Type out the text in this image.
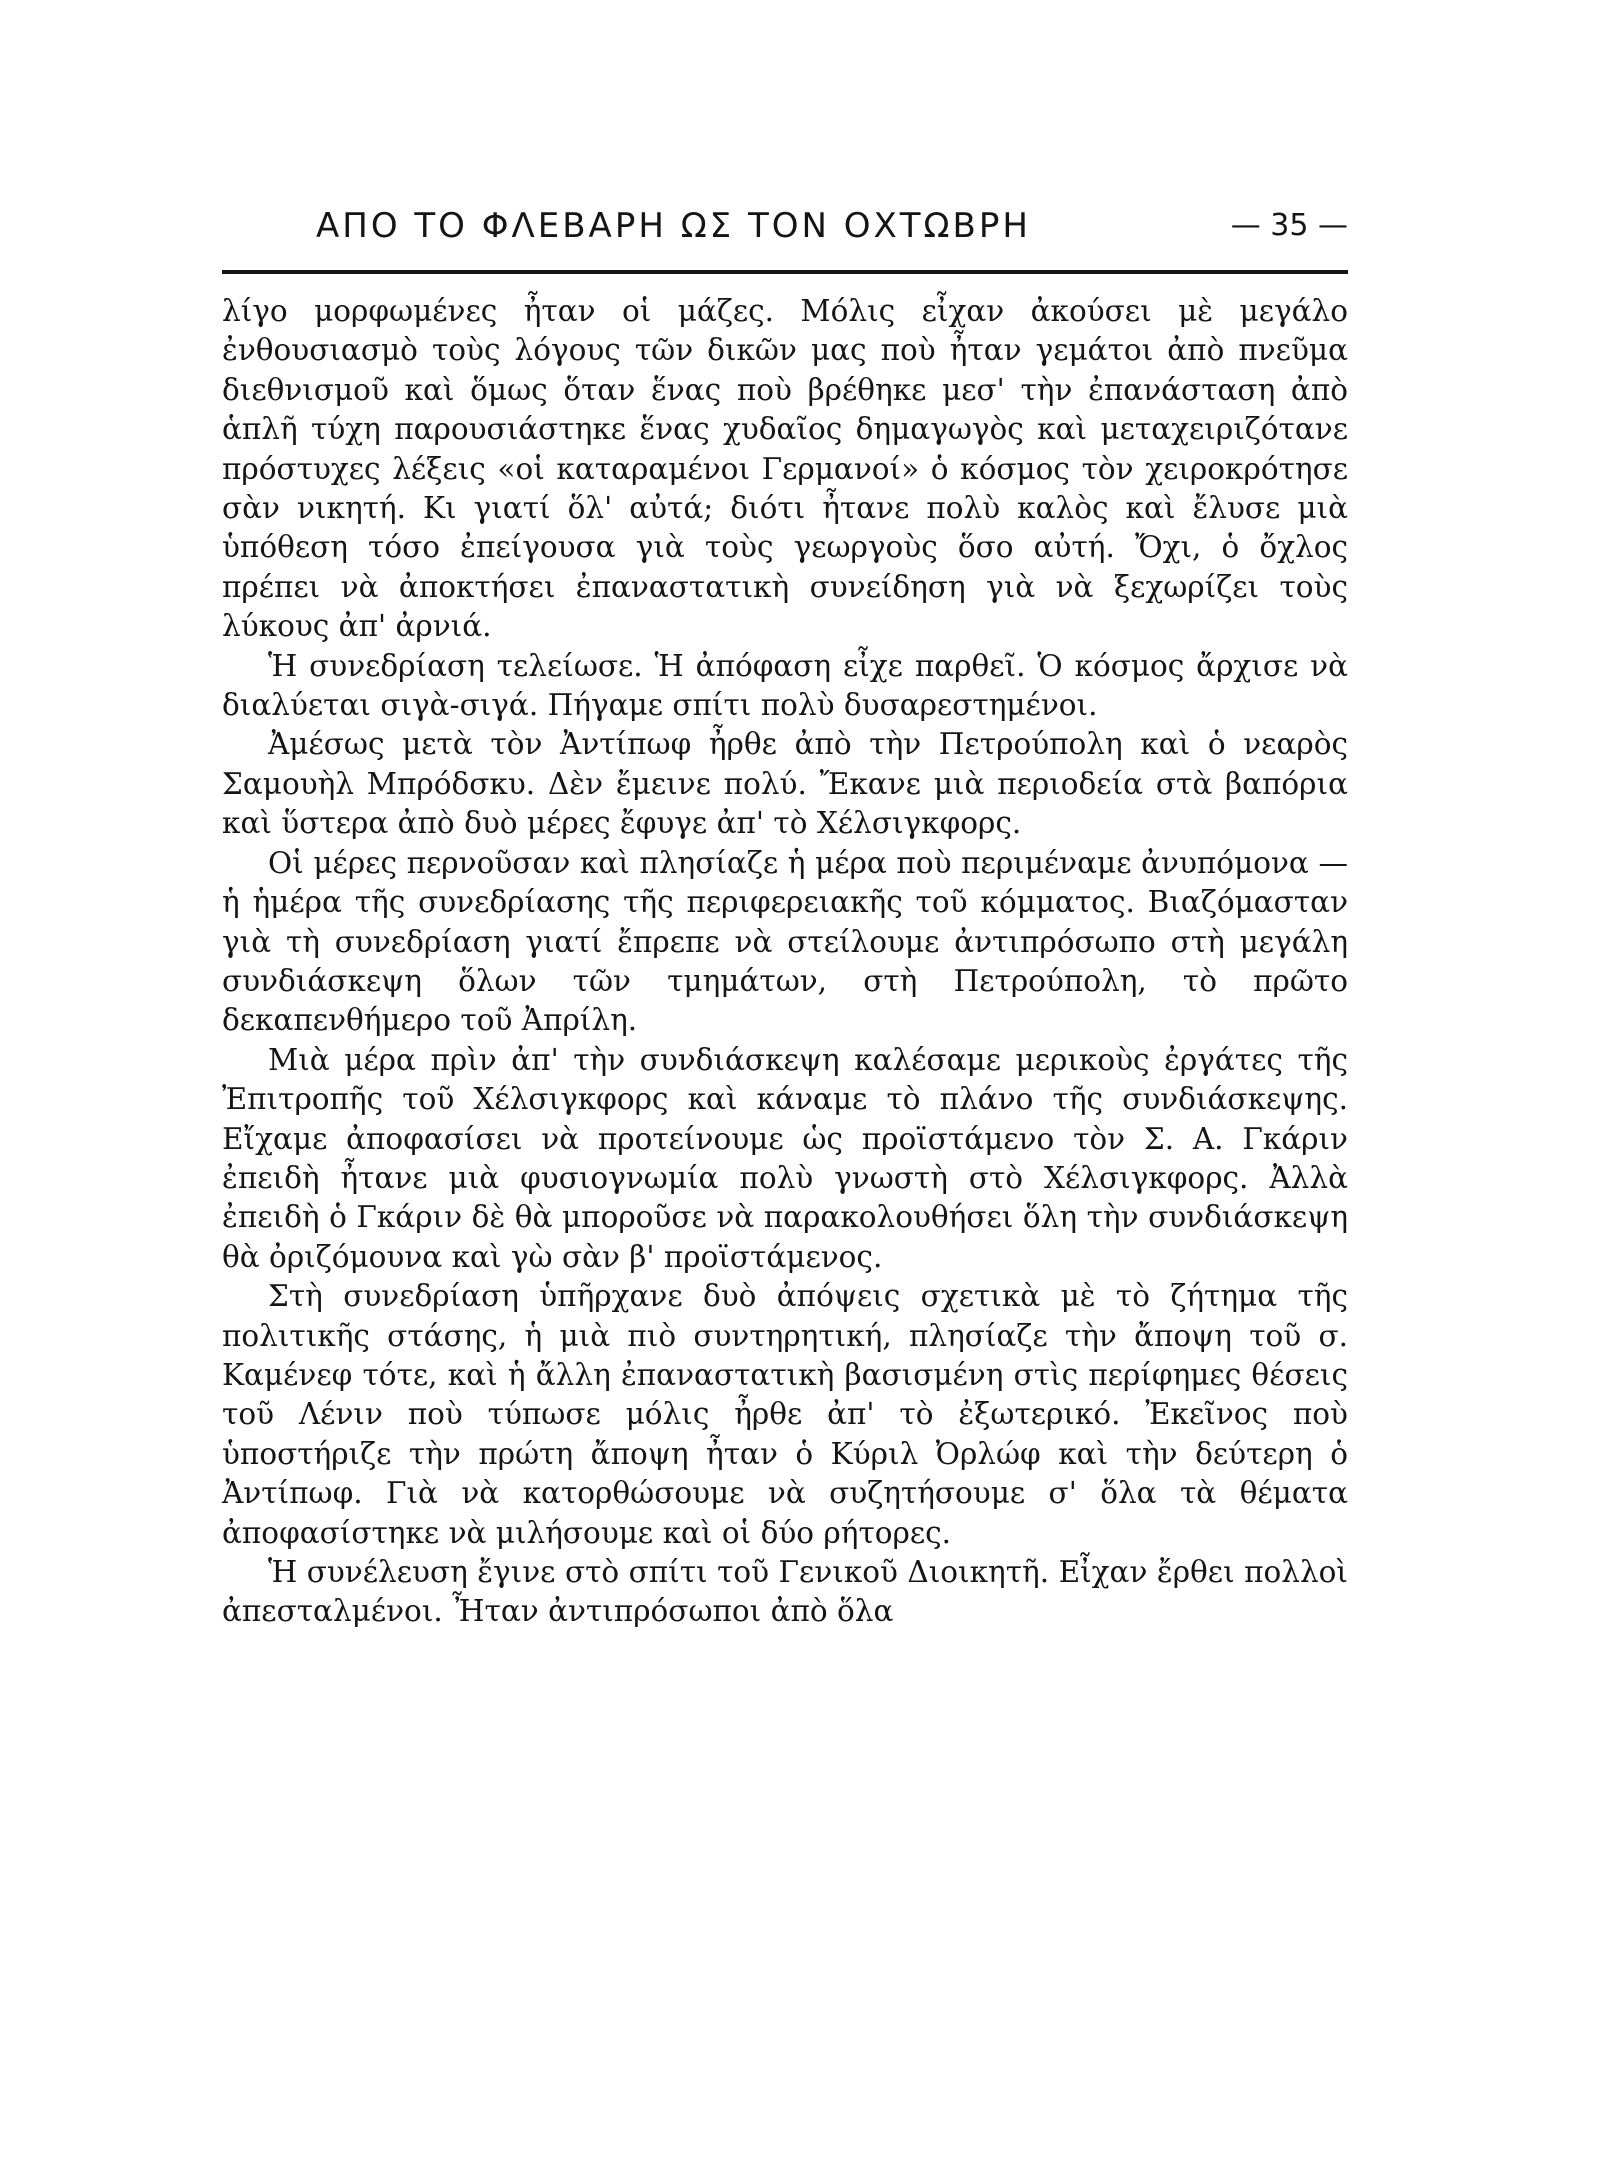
ΑΠΟ ΤΟ ΦΛΕΒΑΡΗ ΩΣ ΤΟΝ ΟΧΤΩΒΡΗ	— 35 —

λίγο μορφωμένες ἦταν οἱ μάζες. Μόλις εἶχαν ἀκούσει μὲ μεγάλο ἐνθουσιασμὸ τοὺς λόγους τῶν δικῶν μας ποὺ ἦταν γεμάτοι ἀπὸ πνεῦμα διεθνισμοῦ καὶ ὅμως ὅταν ἕνας ποὺ βρέθηκε μεσ' τὴν ἐπανάσταση ἀπὸ ἁπλῆ τύχη παρουσιάστηκε ἕνας χυδαῖος δημαγωγὸς καὶ μεταχειριζότανε πρόστυχες λέξεις «οἱ καταραμένοι Γερμανοί» ὁ κόσμος τὸν χειροκρότησε σὰν νικητή. Κι γιατί ὅλ' αὐτά; διότι ἦτανε πολὺ καλὸς καὶ ἔλυσε μιὰ ὑπόθεση τόσο ἐπείγουσα γιὰ τοὺς γεωργοὺς ὅσο αὐτή. Ὄχι, ὁ ὄχλος πρέπει νὰ ἀποκτήσει ἐπαναστατικὴ συνείδηση γιὰ νὰ ξεχωρίζει τοὺς λύκους ἀπ' ἀρνιά.

Ἡ συνεδρίαση τελείωσε. Ἡ ἀπόφαση εἶχε παρθεῖ. Ὁ κόσμος ἄρχισε νὰ διαλύεται σιγὰ-σιγά. Πήγαμε σπίτι πολὺ δυσαρεστημένοι.

Ἀμέσως μετὰ τὸν Ἀντίπωφ ἦρθε ἀπὸ τὴν Πετρούπολη καὶ ὁ νεαρὸς Σαμουὴλ Μπρόδσκυ. Δὲν ἔμεινε πολύ. Ἔκανε μιὰ περιοδεία στὰ βαπόρια καὶ ὕστερα ἀπὸ δυὸ μέρες ἔφυγε ἀπ' τὸ Χέλσιγκφορς.

Οἱ μέρες περνοῦσαν καὶ πλησίαζε ἡ μέρα ποὺ περιμέναμε ἀνυπόμονα — ἡ ἡμέρα τῆς συνεδρίασης τῆς περιφερειακῆς τοῦ κόμματος. Βιαζόμασταν γιὰ τὴ συνεδρίαση γιατί ἔπρεπε νὰ στείλουμε ἀντιπρόσωπο στὴ μεγάλη συνδιάσκεψη ὅλων τῶν τμημάτων, στὴ Πετρούπολη, τὸ πρῶτο δεκαπενθήμερο τοῦ Ἀπρίλη.

Μιὰ μέρα πρὶν ἀπ' τὴν συνδιάσκεψη καλέσαμε μερικοὺς ἐργάτες τῆς Ἐπιτροπῆς τοῦ Χέλσιγκφορς καὶ κάναμε τὸ πλάνο τῆς συνδιάσκεψης. Εἴχαμε ἀποφασίσει νὰ προτείνουμε ὡς προϊστάμενο τὸν Σ. Α. Γκάριν ἐπειδὴ ἦτανε μιὰ φυσιογνωμία πολὺ γνωστὴ στὸ Χέλσιγκφορς. Ἀλλὰ ἐπειδὴ ὁ Γκάριν δὲ θὰ μποροῦσε νὰ παρακολουθήσει ὅλη τὴν συνδιάσκεψη θὰ ὀριζόμουνα καὶ γὼ σὰν β' προϊστάμενος.

Στὴ συνεδρίαση ὑπῆρχανε δυὸ ἀπόψεις σχετικὰ μὲ τὸ ζήτημα τῆς πολιτικῆς στάσης, ἡ μιὰ πιὸ συντηρητική, πλησίαζε τὴν ἄποψη τοῦ σ. Καμένεφ τότε, καὶ ἡ ἄλλη ἐπαναστατικὴ βασισμένη στὶς περίφημες θέσεις τοῦ Λένιν ποὺ τύπωσε μόλις ἦρθε ἀπ' τὸ ἐξωτερικό. Ἐκεῖνος ποὺ ὑποστήριζε τὴν πρώτη ἄποψη ἦταν ὁ Κύριλ Ὀρλώφ καὶ τὴν δεύτερη ὁ Ἀντίπωφ. Γιὰ νὰ κατορθώσουμε νὰ συζητήσουμε σ' ὅλα τὰ θέματα ἀποφασίστηκε νὰ μιλήσουμε καὶ οἱ δύο ρήτορες.

Ἡ συνέλευση ἔγινε στὸ σπίτι τοῦ Γενικοῦ Διοικητῆ. Εἶχαν ἔρθει πολλοὶ ἀπεσταλμένοι. Ἦταν ἀντιπρόσωποι ἀπὸ ὅλα
